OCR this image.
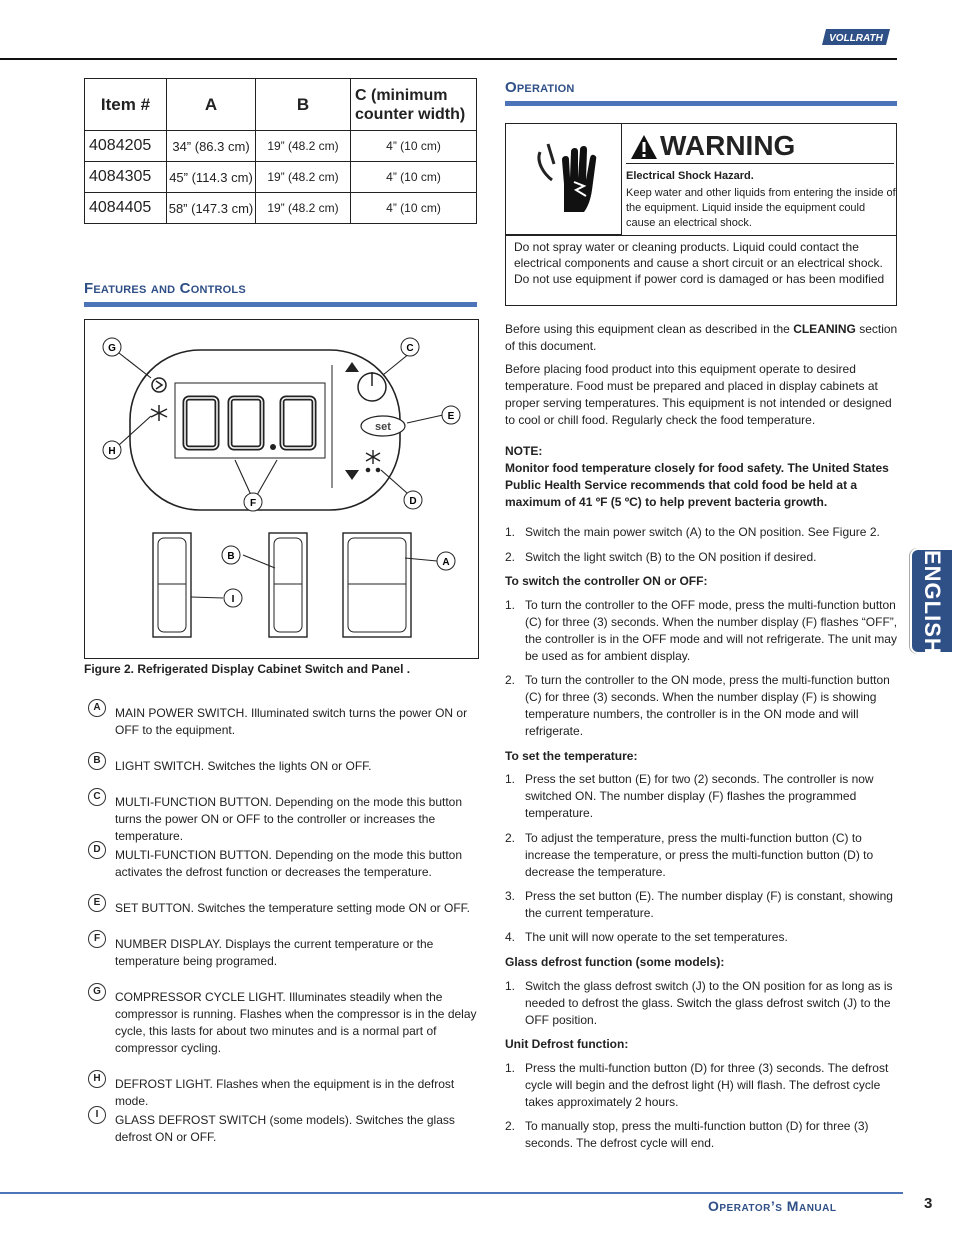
VOLLRATH
Item #	A	B	C (minimum counter width)
4084205	34” (86.3 cm)	19” (48.2 cm)	4” (10 cm)
4084305	45” (114.3 cm)	19” (48.2 cm)	4” (10 cm)
4084405	58” (147.3 cm)	19” (48.2 cm)	4” (10 cm)
Features and Controls
00.0
set
G
H
C
E
D
F
B
A
I
Figure 2. Refrigerated Display Cabinet Switch and Panel .
A	MAIN POWER SWITCH. Illuminated switch turns the power ON or OFF to the equipment.
B	LIGHT SWITCH. Switches the lights ON or OFF.
C	MULTI-FUNCTION BUTTON. Depending on the mode this button turns the power ON or OFF to the controller or increases the temperature.
D	MULTI-FUNCTION BUTTON. Depending on the mode this button activates the defrost function or decreases the temperature.
E	SET BUTTON. Switches the temperature setting mode ON or OFF.
F	NUMBER DISPLAY. Displays the current temperature or the temperature being programed.
G	COMPRESSOR CYCLE LIGHT. Illuminates steadily when the compressor is running. Flashes when the compressor is in the delay cycle, this lasts for about two minutes and is a normal part of compressor cycling.
H	DEFROST LIGHT. Flashes when the equipment is in the defrost mode.
I	GLASS DEFROST SWITCH (some models). Switches the glass defrost ON or OFF.
Operation
WARNING
Electrical Shock Hazard.
Keep water and other liquids from entering the inside of the equipment. Liquid inside the equipment could cause an electrical shock.
Do not spray water or cleaning products. Liquid could contact the electrical components and cause a short circuit or an electrical shock. Do not use equipment if power cord is damaged or has been modified
Before using this equipment clean as described in the CLEANING section of this document.
Before placing food product into this equipment operate to desired temperature. Food must be prepared and placed in display cabinets at proper serving temperatures. This equipment is not intended or designed to cool or chill food. Regularly check the food temperature.
NOTE:
Monitor food temperature closely for food safety. The United States Public Health Service recommends that cold food be held at a maximum of 41 ºF (5 ºC) to help prevent bacteria growth.
1. Switch the main power switch (A) to the ON position. See Figure 2.
2. Switch the light switch (B) to the ON position if desired.
To switch the controller ON or OFF:
1. To turn the controller to the OFF mode, press the multi-function button (C) for three (3) seconds. When the number display (F) flashes “OFF”, the controller is in the OFF mode and will not refrigerate. The unit may be used as for ambient display.
2. To turn the controller to the ON mode, press the multi-function button (C) for three (3) seconds. When the number display (F) is showing temperature numbers, the controller is in the ON mode and will refrigerate.
To set the temperature:
1. Press the set button (E) for two (2) seconds. The controller is now switched ON. The number display (F) flashes the programmed temperature.
2. To adjust the temperature, press the multi-function button (C) to increase the temperature, or press the multi-function button (D) to decrease the temperature.
3. Press the set button (E). The number display (F) is constant, showing the current temperature.
4. The unit will now operate to the set temperatures.
Glass defrost function (some models):
1. Switch the glass defrost switch (J) to the ON position for as long as is needed to defrost the glass. Switch the glass defrost switch (J) to the OFF position.
Unit Defrost function:
1. Press the multi-function button (D) for three (3) seconds. The defrost cycle will begin and the defrost light (H) will flash. The defrost cycle takes approximately 2 hours.
2. To manually stop, press the multi-function button (D) for three (3) seconds. The defrost cycle will end.
ENGLISH
Operator’s Manual	3
